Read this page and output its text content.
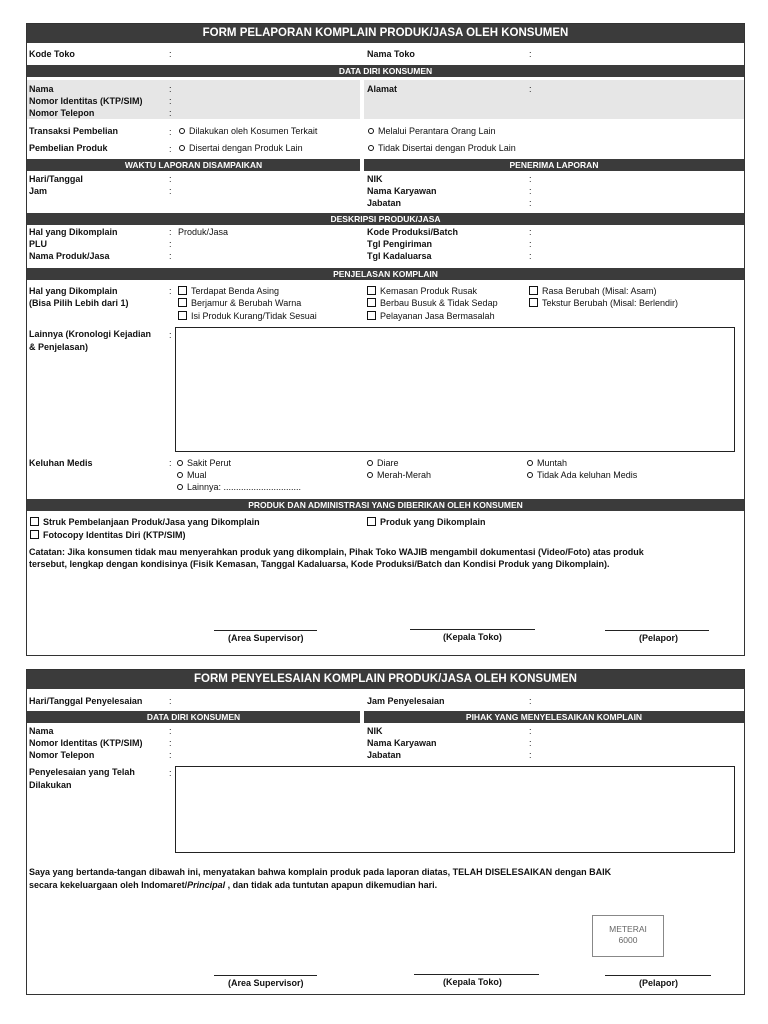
FORM PELAPORAN KOMPLAIN PRODUK/JASA OLEH KONSUMEN
Kode Toko	:	Nama Toko	:
DATA DIRI KONSUMEN
Nama	:
Nomor Identitas (KTP/SIM)	:
Nomor Telepon	:
Alamat	:
Transaksi Pembelian	:	Dilakukan oleh Kosumen Terkait	Melalui Perantara Orang Lain
Pembelian Produk	:	Disertai dengan Produk Lain	Tidak Disertai dengan Produk Lain
WAKTU LAPORAN DISAMPAIKAN	PENERIMA LAPORAN
Hari/Tanggal	:
Jam	:
NIK	:
Nama Karyawan	:
Jabatan	:
DESKRIPSI PRODUK/JASA
Hal yang Dikomplain	: Produk/Jasa
PLU	:
Nama Produk/Jasa	:
Kode Produksi/Batch	:
Tgl Pengiriman	:
Tgl Kadaluarsa	:
PENJELASAN KOMPLAIN
Hal yang Dikomplain
(Bisa Pilih Lebih dari 1)
:	Terdapat Benda Asing
Berjamur & Berubah Warna
Isi Produk Kurang/Tidak Sesuai
Kemasan Produk Rusak
Berbau Busuk & Tidak Sedap
Pelayanan Jasa Bermasalah
Rasa Berubah (Misal: Asam)
Tekstur Berubah (Misal: Berlendir)
Lainnya (Kronologi Kejadian
& Penjelasan)
:
Keluhan Medis	:	Sakit Perut
Mual
Lainnya: ...............................
Diare
Merah-Merah
Muntah
Tidak Ada keluhan Medis
PRODUK DAN ADMINISTRASI YANG DIBERIKAN OLEH KONSUMEN
Struk Pembelanjaan Produk/Jasa yang Dikomplain
Fotocopy Identitas Diri (KTP/SIM)
Produk yang Dikomplain
Catatan: Jika konsumen tidak mau menyerahkan produk yang dikomplain, Pihak Toko WAJIB mengambil dokumentasi (Video/Foto) atas produk
tersebut, lengkap dengan kondisinya (Fisik Kemasan, Tanggal Kadaluarsa, Kode Produksi/Batch dan Kondisi Produk yang Dikomplain).
(Area Supervisor)	(Kepala Toko)	(Pelapor)
FORM PENYELESAIAN KOMPLAIN PRODUK/JASA OLEH KONSUMEN
Hari/Tanggal Penyelesaian	:	Jam Penyelesaian	:
DATA DIRI KONSUMEN	PIHAK YANG MENYELESAIKAN KOMPLAIN
Nama	:
Nomor Identitas (KTP/SIM)	:
Nomor Telepon	:
NIK	:
Nama Karyawan	:
Jabatan	:
Penyelesaian yang Telah
Dilakukan
:
Saya yang bertanda-tangan dibawah ini, menyatakan bahwa komplain produk pada laporan diatas, TELAH DISELESAIKAN dengan BAIK
secara kekeluargaan oleh Indomaret/Principal , dan tidak ada tuntutan apapun dikemudian hari.
METERAI
6000
(Area Supervisor)	(Kepala Toko)	(Pelapor)
